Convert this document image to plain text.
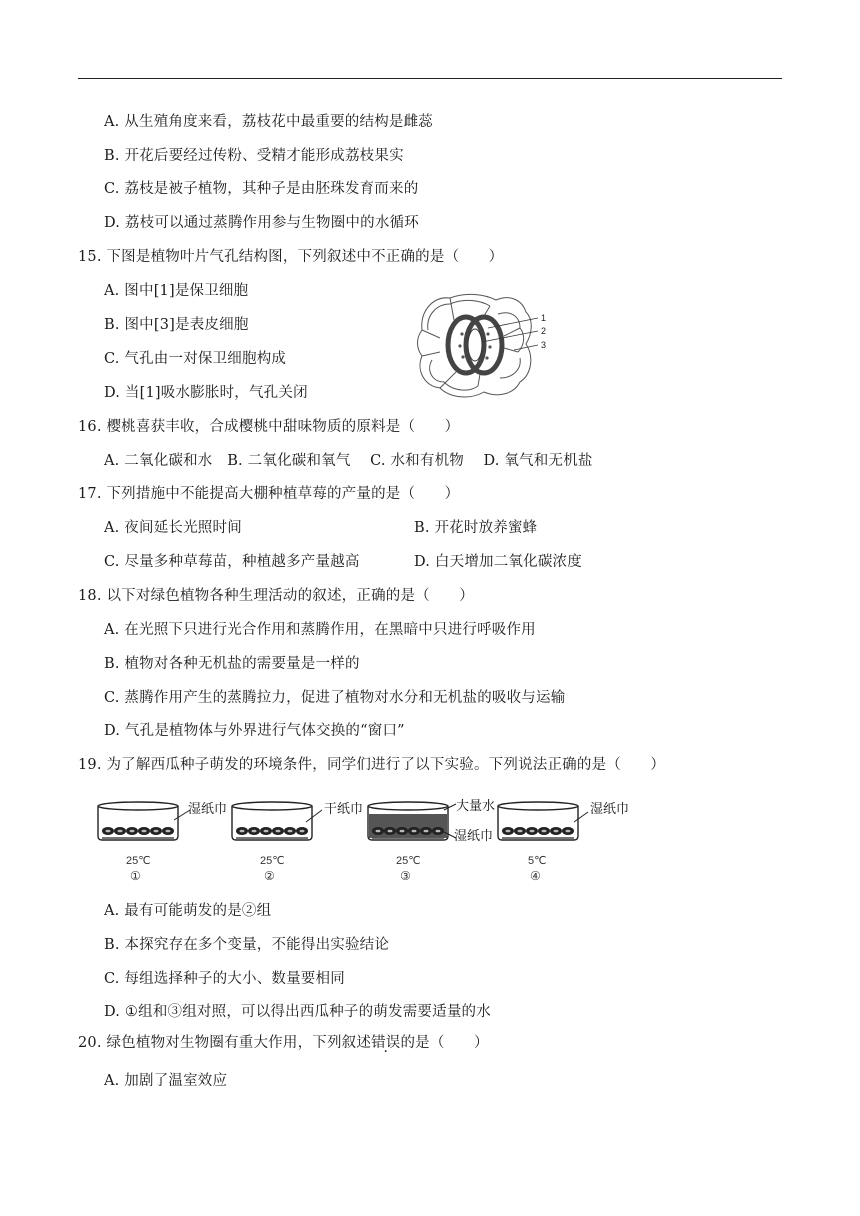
A. 从生殖角度来看，荔枝花中最重要的结构是雌蕊
B. 开花后要经过传粉、受精才能形成荔枝果实
C. 荔枝是被子植物，其种子是由胚珠发育而来的
D. 荔枝可以通过蒸腾作用参与生物圈中的水循环
15. 下图是植物叶片气孔结构图，下列叙述中不正确的是（　　）
A. 图中[1]是保卫细胞
B. 图中[3]是表皮细胞
C. 气孔由一对保卫细胞构成
D. 当[1]吸水膨胀时，气孔关闭
1
2
3
16. 樱桃喜获丰收，合成樱桃中甜味物质的原料是（　　）
A. 二氧化碳和水　B. 二氧化碳和氧气　 C. 水和有机物　 D. 氧气和无机盐
17. 下列措施中不能提高大棚种植草莓的产量的是（　　）
A. 夜间延长光照时间	B. 开花时放养蜜蜂
C. 尽量多种草莓苗，种植越多产量越高	D. 白天增加二氧化碳浓度
18. 以下对绿色植物各种生理活动的叙述，正确的是（　　）
A. 在光照下只进行光合作用和蒸腾作用，在黑暗中只进行呼吸作用
B. 植物对各种无机盐的需要量是一样的
C. 蒸腾作用产生的蒸腾拉力，促进了植物对水分和无机盐的吸收与运输
D. 气孔是植物体与外界进行气体交换的“窗口”
19. 为了解西瓜种子萌发的环境条件，同学们进行了以下实验。下列说法正确的是（　　）
湿纸巾
25℃
①
干纸巾
25℃
②
大量水
湿纸巾
25℃
③
湿纸巾
5℃
④
A. 最有可能萌发的是②组
B. 本探究存在多个变量，不能得出实验结论
C. 每组选择种子的大小、数量要相同
D. ①组和③组对照，可以得出西瓜种子的萌发需要适量的水
20. 绿色植物对生物圈有重大作用，下列叙述错误的是（　　）
A. 加剧了温室效应
